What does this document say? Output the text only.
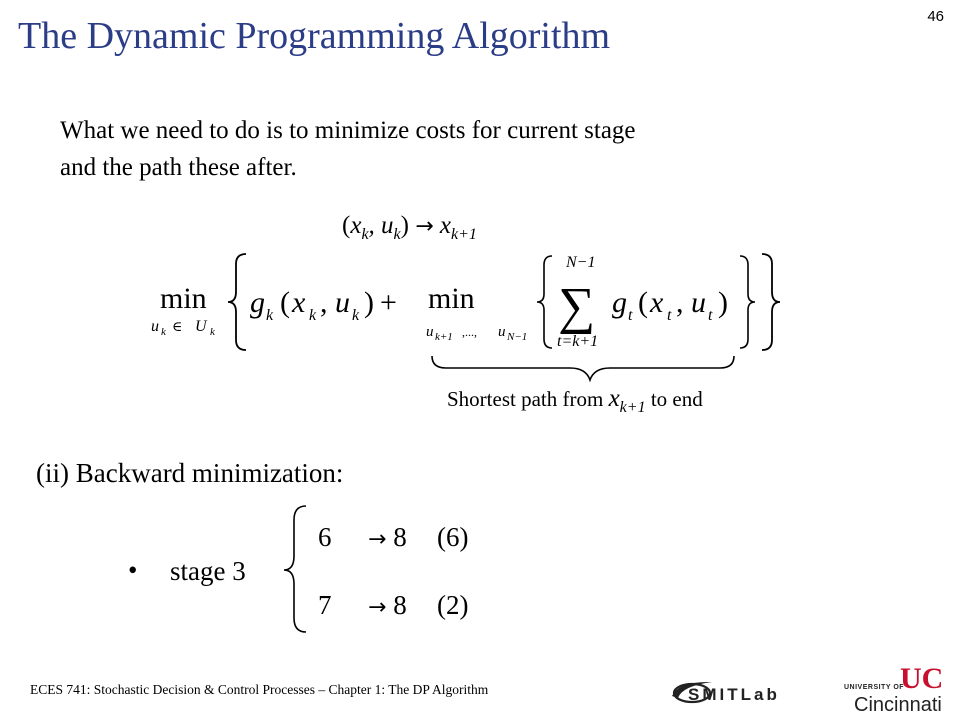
The Dynamic Programming Algorithm	46
What we need to do is to minimize costs for current stage
and the path these after.
($x_k$, $u_k) \to x_{k+1}$
min
u k ∈ U k
g k ( x k , u k ) + min
u k+1 ,..., u N−1
N−1
∑
t=k+1
g t ( x t , u t )
Shortest path from $x_{k+1}$ to end
(ii) Backward minimization:
• stage 3
6 → 8 (6)
7 → 8 (2)
ECES 741: Stochastic Decision & Control Processes – Chapter 1: The DP Algorithm	SMITLab	UNIVERSITY OF
UC
Cincinnati
